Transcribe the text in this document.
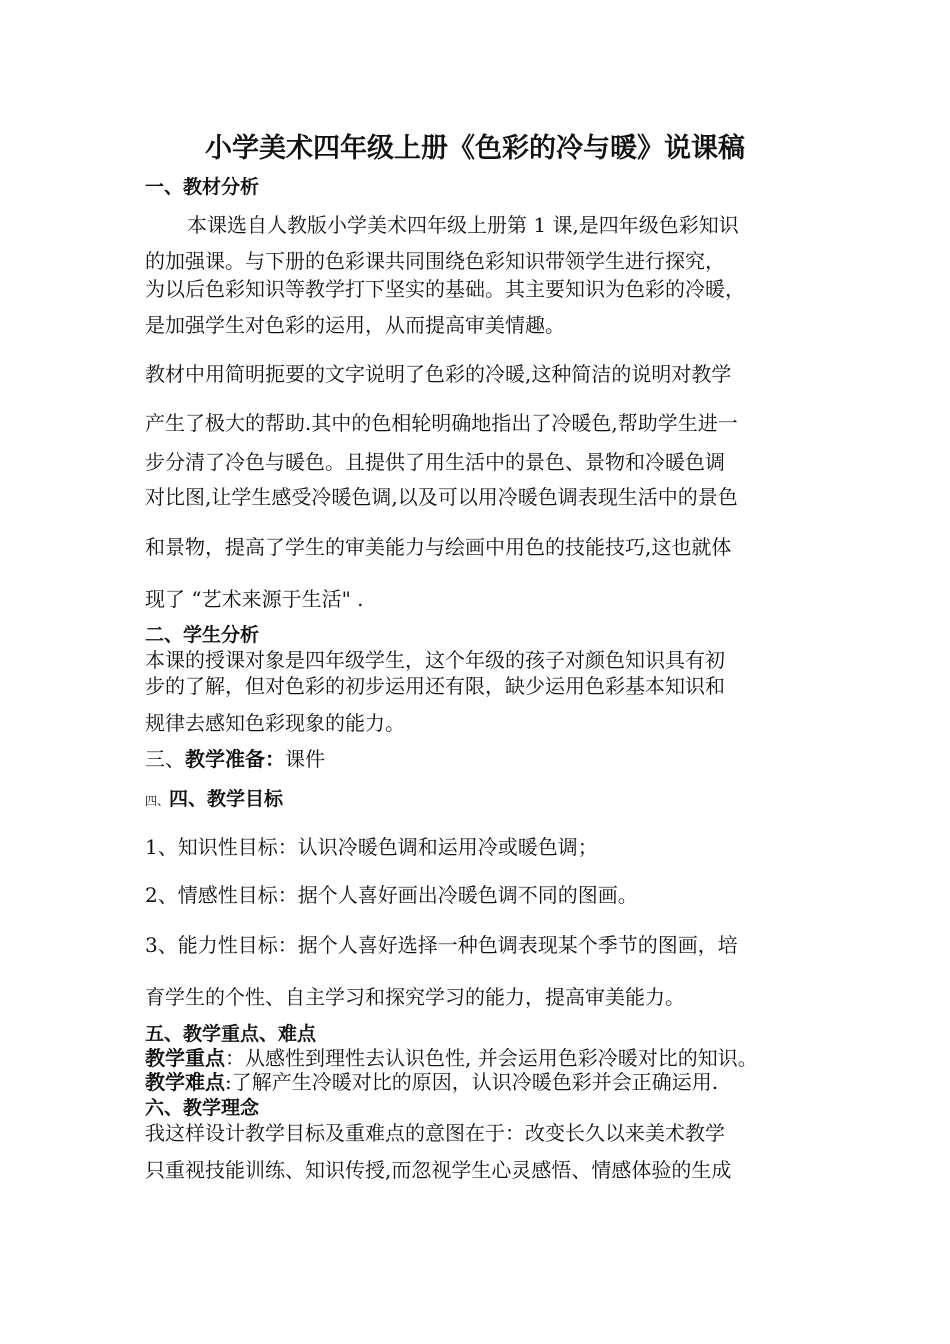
小学美术四年级上册《色彩的冷与暖》说课稿
一、教材分析
本课选自人教版小学美术四年级上册第 1 课,是四年级色彩知识
的加强课。与下册的色彩课共同围绕色彩知识带领学生进行探究，
为以后色彩知识等教学打下坚实的基础。其主要知识为色彩的冷暖，
是加强学生对色彩的运用，从而提高审美情趣。
教材中用简明扼要的文字说明了色彩的冷暖,这种简洁的说明对教学
产生了极大的帮助.其中的色相轮明确地指出了冷暖色,帮助学生进一
步分清了冷色与暖色。且提供了用生活中的景色、景物和冷暖色调
对比图,让学生感受冷暖色调,以及可以用冷暖色调表现生活中的景色
和景物，提高了学生的审美能力与绘画中用色的技能技巧,这也就体
现了 “艺术来源于生活" .
二、学生分析
本课的授课对象是四年级学生，这个年级的孩子对颜色知识具有初
步的了解，但对色彩的初步运用还有限，缺少运用色彩基本知识和
规律去感知色彩现象的能力。
三、教学准备：课件
四、四、教学目标
1、知识性目标：认识冷暖色调和运用冷或暖色调；
2、情感性目标：据个人喜好画出冷暖色调不同的图画。
3、能力性目标：据个人喜好选择一种色调表现某个季节的图画，培
育学生的个性、自主学习和探究学习的能力，提高审美能力。
五、教学重点、难点
教学重点：从感性到理性去认识色性, 并会运用色彩冷暖对比的知识。
教学难点:了解产生冷暖对比的原因，认识冷暖色彩并会正确运用.
六、教学理念
我这样设计教学目标及重难点的意图在于：改变长久以来美术教学
只重视技能训练、知识传授,而忽视学生心灵感悟、情感体验的生成
